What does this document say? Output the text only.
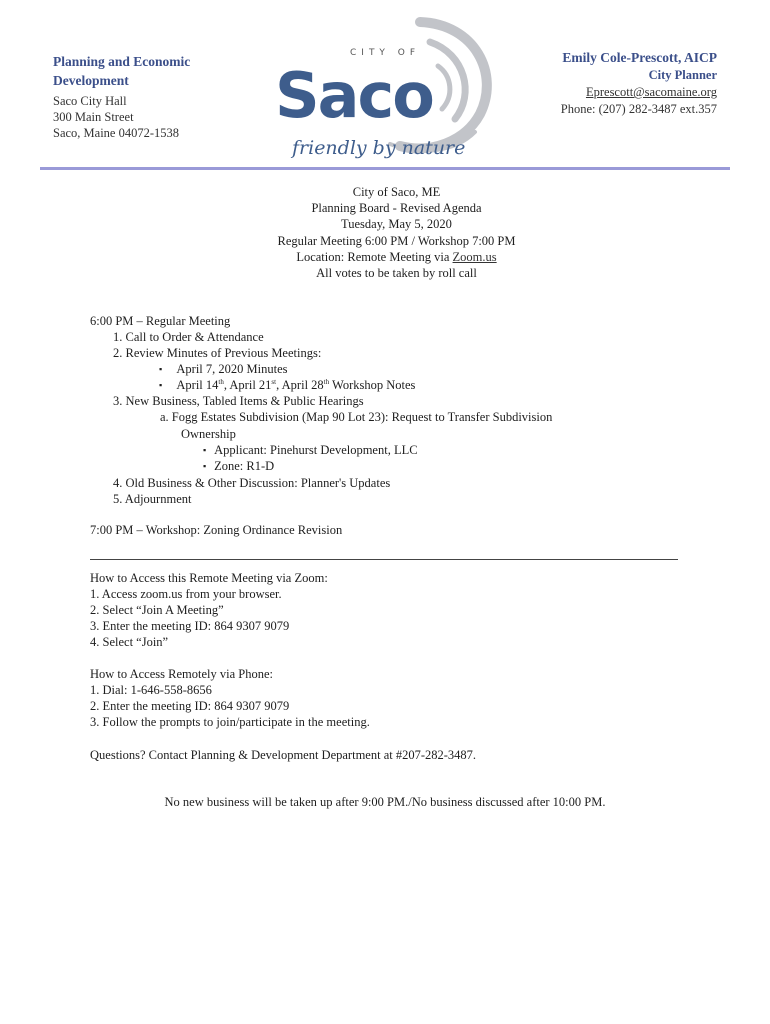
Planning and Economic
Development
Saco City Hall
300 Main Street
Saco, Maine 04072-1538
CITY OF
Saco
friendly by nature
Emily Cole-Prescott, AICP
City Planner
Eprescott@sacomaine.org
Phone: (207) 282-3487 ext.357
City of Saco, ME
Planning Board - Revised Agenda
Tuesday, May 5, 2020
Regular Meeting 6:00 PM / Workshop 7:00 PM
Location: Remote Meeting via Zoom.us
All votes to be taken by roll call
6:00 PM – Regular Meeting
1. Call to Order & Attendance
2. Review Minutes of Previous Meetings:
▪ April 7, 2020 Minutes
▪ April 14th, April 21st, April 28th Workshop Notes
3. New Business, Tabled Items & Public Hearings
a. Fogg Estates Subdivision (Map 90 Lot 23): Request to Transfer Subdivision
Ownership
▪ Applicant: Pinehurst Development, LLC
▪ Zone: R1-D
4. Old Business & Other Discussion: Planner's Updates
5. Adjournment
7:00 PM – Workshop: Zoning Ordinance Revision
How to Access this Remote Meeting via Zoom:
1. Access zoom.us from your browser.
2. Select “Join A Meeting”
3. Enter the meeting ID: 864 9307 9079
4. Select “Join”
How to Access Remotely via Phone:
1. Dial: 1-646-558-8656
2. Enter the meeting ID: 864 9307 9079
3. Follow the prompts to join/participate in the meeting.
Questions? Contact Planning & Development Department at #207-282-3487.
No new business will be taken up after 9:00 PM./No business discussed after 10:00 PM.
